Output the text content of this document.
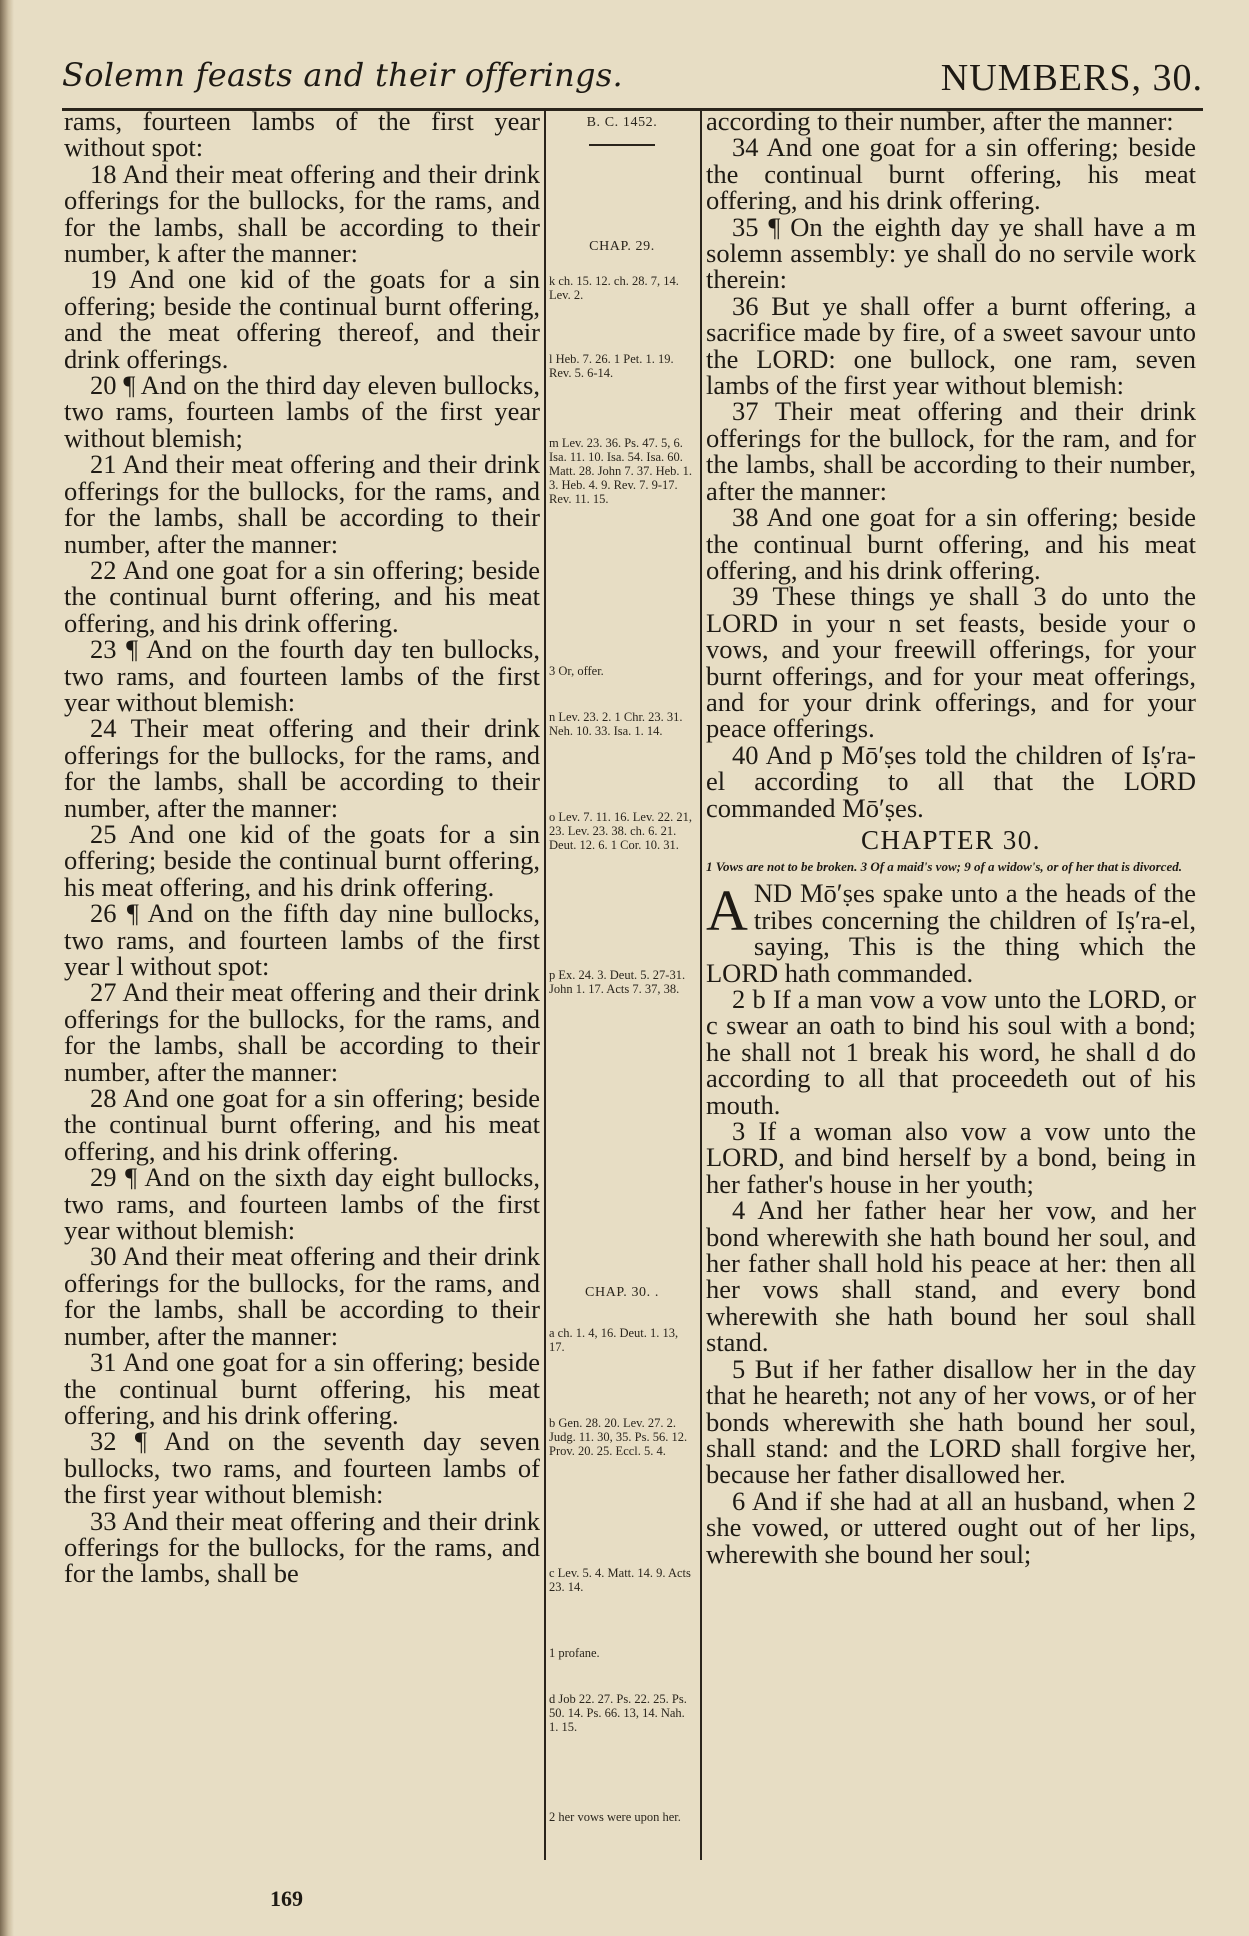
Solemn feasts and their offerings.	NUMBERS, 30.

rams, fourteen lambs of the first year without spot:

18 And their meat offering and their drink offerings for the bullocks, for the rams, and for the lambs, shall be according to their number, k after the manner:

19 And one kid of the goats for a sin offering; beside the continual burnt offering, and the meat offering thereof, and their drink offerings.

20 ¶ And on the third day eleven bullocks, two rams, fourteen lambs of the first year without blemish;

21 And their meat offering and their drink offerings for the bullocks, for the rams, and for the lambs, shall be according to their number, after the manner:

22 And one goat for a sin offering; beside the continual burnt offering, and his meat offering, and his drink offering.

23 ¶ And on the fourth day ten bullocks, two rams, and fourteen lambs of the first year without blemish:

24 Their meat offering and their drink offerings for the bullocks, for the rams, and for the lambs, shall be according to their number, after the manner:

25 And one kid of the goats for a sin offering; beside the continual burnt offering, his meat offering, and his drink offering.

26 ¶ And on the fifth day nine bullocks, two rams, and fourteen lambs of the first year l without spot:

27 And their meat offering and their drink offerings for the bullocks, for the rams, and for the lambs, shall be according to their number, after the manner:

28 And one goat for a sin offering; beside the continual burnt offering, and his meat offering, and his drink offering.

29 ¶ And on the sixth day eight bullocks, two rams, and fourteen lambs of the first year without blemish:

30 And their meat offering and their drink offerings for the bullocks, for the rams, and for the lambs, shall be according to their number, after the manner:

31 And one goat for a sin offering; beside the continual burnt offering, his meat offering, and his drink offering.

32 ¶ And on the seventh day seven bullocks, two rams, and fourteen lambs of the first year without blemish:

33 And their meat offering and their drink offerings for the bullocks, for the rams, and for the lambs, shall be

B. C. 1452.
CHAP. 29.
k ch. 15. 12. ch. 28. 7, 14. Lev. 2.
l Heb. 7. 26. 1 Pet. 1. 19. Rev. 5. 6-14.
m Lev. 23. 36. Ps. 47. 5, 6. Isa. 11. 10. Isa. 54. Isa. 60. Matt. 28. John 7. 37. Heb. 1. 3. Heb. 4. 9. Rev. 7. 9-17. Rev. 11. 15.
3 Or, offer.
n Lev. 23. 2. 1 Chr. 23. 31. Neh. 10. 33. Isa. 1. 14.
o Lev. 7. 11. 16. Lev. 22. 21, 23. Lev. 23. 38. ch. 6. 21. Deut. 12. 6. 1 Cor. 10. 31.
p Ex. 24. 3. Deut. 5. 27-31. John 1. 17. Acts 7. 37, 38.
CHAP. 30. .
a ch. 1. 4, 16. Deut. 1. 13, 17.
b Gen. 28. 20. Lev. 27. 2. Judg. 11. 30, 35. Ps. 56. 12. Prov. 20. 25. Eccl. 5. 4.
c Lev. 5. 4. Matt. 14. 9. Acts 23. 14.
1 profane.
d Job 22. 27. Ps. 22. 25. Ps. 50. 14. Ps. 66. 13, 14. Nah. 1. 15.
2 her vows were upon her.

according to their number, after the manner:

34 And one goat for a sin offering; beside the continual burnt offering, his meat offering, and his drink offering.

35 ¶ On the eighth day ye shall have a m solemn assembly: ye shall do no servile work therein:

36 But ye shall offer a burnt offering, a sacrifice made by fire, of a sweet savour unto the LORD: one bullock, one ram, seven lambs of the first year without blemish:

37 Their meat offering and their drink offerings for the bullock, for the ram, and for the lambs, shall be according to their number, after the manner:

38 And one goat for a sin offering; beside the continual burnt offering, and his meat offering, and his drink offering.

39 These things ye shall 3 do unto the LORD in your n set feasts, beside your o vows, and your freewill offerings, for your burnt offerings, and for your meat offerings, and for your drink offerings, and for your peace offerings.

40 And p Mō′ṣes told the children of Iṣ′ra-el according to all that the LORD commanded Mō′ṣes.

CHAPTER 30.
1 Vows are not to be broken. 3 Of a maid's vow; 9 of a widow's, or of her that is divorced.

AND Mō′ṣes spake unto a the heads of the tribes concerning the children of Iṣ′ra-el, saying, This is the thing which the LORD hath commanded.

2 b If a man vow a vow unto the LORD, or c swear an oath to bind his soul with a bond; he shall not 1 break his word, he shall d do according to all that proceedeth out of his mouth.

3 If a woman also vow a vow unto the LORD, and bind herself by a bond, being in her father's house in her youth;

4 And her father hear her vow, and her bond wherewith she hath bound her soul, and her father shall hold his peace at her: then all her vows shall stand, and every bond wherewith she hath bound her soul shall stand.

5 But if her father disallow her in the day that he heareth; not any of her vows, or of her bonds wherewith she hath bound her soul, shall stand: and the LORD shall forgive her, because her father disallowed her.

6 And if she had at all an husband, when 2 she vowed, or uttered ought out of her lips, wherewith she bound her soul;

169
